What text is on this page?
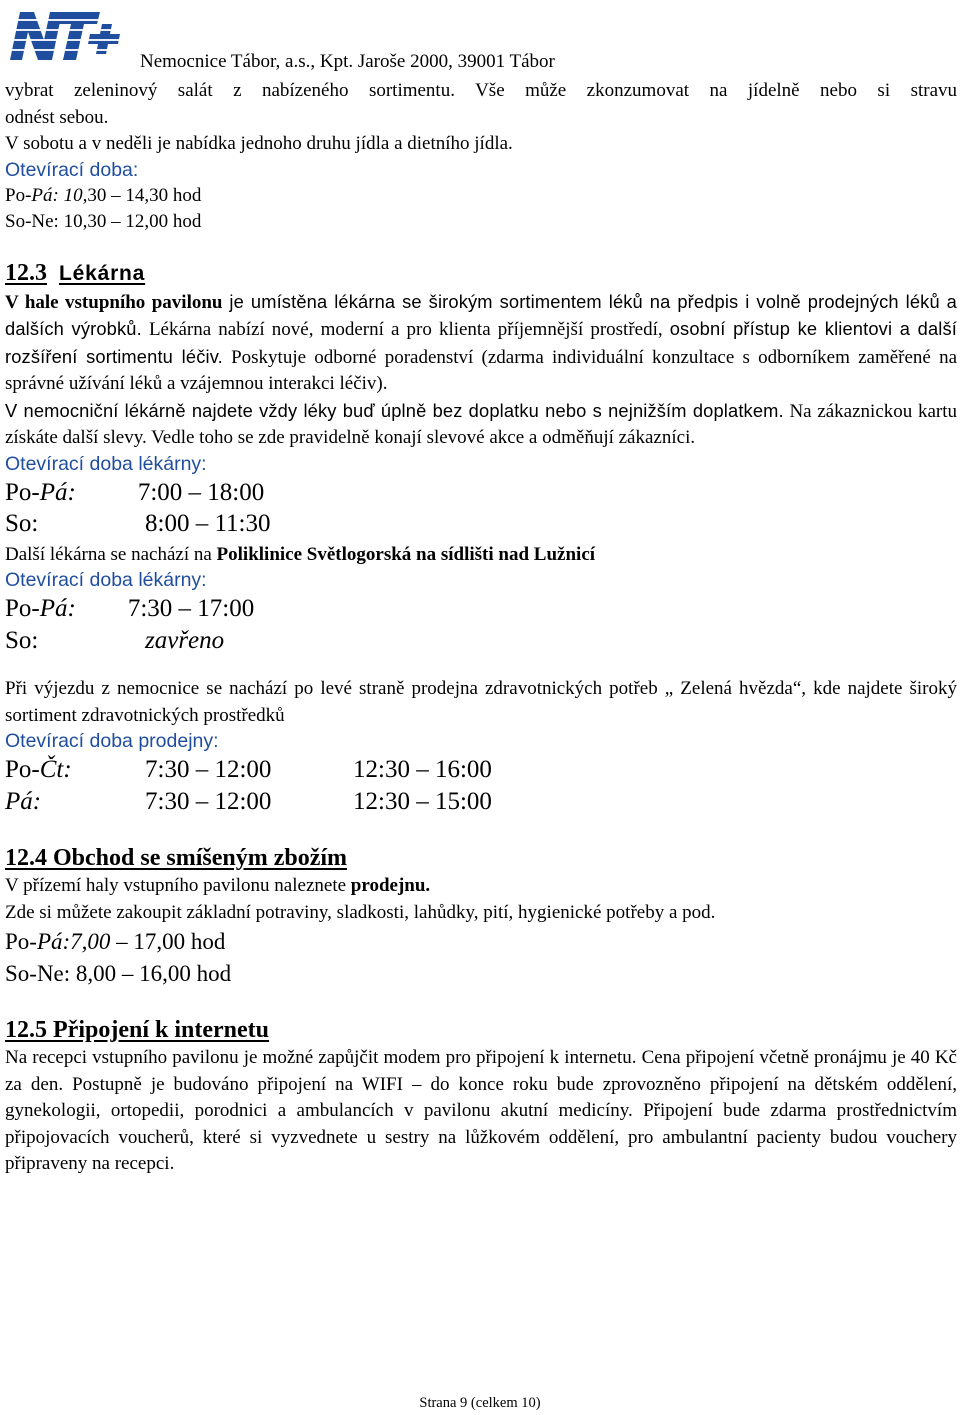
Nemocnice Tábor, a.s., Kpt. Jaroše 2000, 39001 Tábor

vybrat zeleninový salát z nabízeného sortimentu. Vše může zkonzumovat na jídelně nebo si stravu

odnést sebou.

V sobotu a v neděli je nabídka jednoho druhu jídla a dietního jídla.

Otevírací doba:

Po-Pá: 10,30 – 14,30 hod

So-Ne: 10,30 – 12,00 hod

12.3 Lékárna

V hale vstupního pavilonu je umístěna lékárna se širokým sortimentem léků na předpis i volně prodejných léků a dalších výrobků. Lékárna nabízí nové, moderní a pro klienta příjemnější prostředí, osobní přístup ke klientovi a další rozšíření sortimentu léčiv. Poskytuje odborné poradenství (zdarma individuální konzultace s odborníkem zaměřené na správné užívání léků a vzájemnou interakci léčiv).

V nemocniční lékárně najdete vždy léky buď úplně bez doplatku nebo s nejnižším doplatkem. Na zákaznickou kartu získáte další slevy. Vedle toho se zde pravidelně konají slevové akce a odměňují zákazníci.

Otevírací doba lékárny:

Po-Pá: 7:00 – 18:00

So:	8:00 – 11:30

Další lékárna se nachází na Poliklinice Světlogorská na sídlišti nad Lužnicí

Otevírací doba lékárny:

Po-Pá: 7:30 – 17:00

So:	zavřeno

Při výjezdu z nemocnice se nachází po levé straně prodejna zdravotnických potřeb „ Zelená hvězda“, kde najdete široký sortiment zdravotnických prostředků

Otevírací doba prodejny:

Po-Čt:	7:30 – 12:00	12:30 – 16:00

Pá:	7:30 – 12:00	12:30 – 15:00

12.4 Obchod se smíšeným zbožím

V přízemí haly vstupního pavilonu naleznete prodejnu.

Zde si můžete zakoupit základní potraviny, sladkosti, lahůdky, pití, hygienické potřeby a pod.

Po-Pá:7,00 – 17,00 hod

So-Ne: 8,00 – 16,00 hod

12.5 Připojení k internetu

Na recepci vstupního pavilonu je možné zapůjčit modem pro připojení k internetu. Cena připojení včetně pronájmu je 40 Kč za den. Postupně je budováno připojení na WIFI – do konce roku bude zprovozněno připojení na dětském oddělení, gynekologii, ortopedii, porodnici a ambulancích v pavilonu akutní medicíny. Připojení bude zdarma prostřednictvím připojovacích voucherů, které si vyzvednete u sestry na lůžkovém oddělení, pro ambulantní pacienty budou vouchery připraveny na recepci.

Strana 9 (celkem 10)
